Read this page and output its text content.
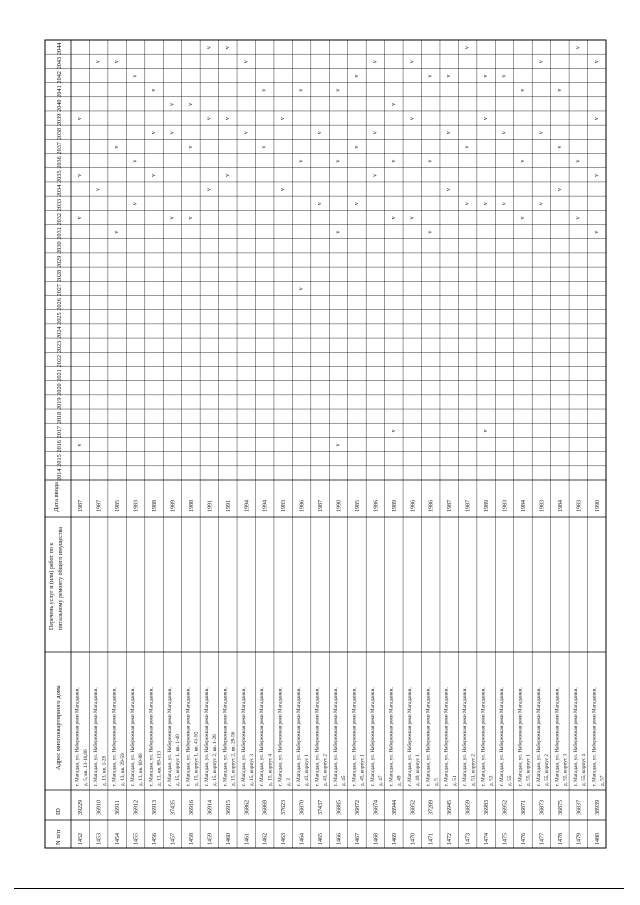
N п/п
ID
Адрес многоквартирного дома
Перечень услуг и (или) работ по к питальному ремонту общего имущества
Дата ввода
2014
2015
2016
2017
2018
2019
2020
2021
2022
2023
2024
2025
2026
2027
2028
2029
2030
2031
2032
2033
2034
2035
2036
2037
2038
2039
2040
2041
2042
2043
2044
1452
39229
г. Магадан, ул. Набережная реки Магаданки, д. 5, кв. 13-18,86
1987
v
v
v
v
1453
36910
г. Магадан, ул. Набережная реки Магаданки, д. 13, кв. 1-28
1987
v
v
1454
36911
г. Магадан, ул. Набережная реки Магаданки, д. 13, кв. 29-59
1985
v
v
v
1455
36912
г. Магадан, ул. Набережная реки Магаданки, д. 13, кв. 60-88
1983
v
v
v
1456
36913
г. Магадан, ул. Набережная реки Магаданки, д. 13, кв. 89-113
1988
v
v
v
1457
37435
г. Магадан, ул. Набережная реки Магаданки, д. 15, корпус 1, кв. 1-40
1989
v
v
v
1458
36916
г. Магадан, ул. Набережная реки Магаданки, д. 15, корпус 1, кв. 41-92
1988
v
v
v
1459
36914
г. Магадан, ул. Набережная реки Магаданки, д. 15, корпус 2, кв. 1-28
1991
v
v
v
1460
36915
г. Магадан, ул. Набережная реки Магаданки, д. 15, корпус 2, кв. 29-56
1991
v
v
v
1461
36862
г. Магадан, ул. Набережная реки Магаданки, д. 15, корпус 3
1994
v
v
1462
36869
г. Магадан, ул. Набережная реки Магаданки, д. 15, корпус 4
1994
v
v
1463
37623
г. Магадан, ул. Набережная реки Магаданки, д. 3
1983
v
v
1464
36870
г. Магадан, ул. Набережная реки Магаданки, д. 43, корпус 1
1986
v
v
v
1465
37437
г. Магадан, ул. Набережная реки Магаданки, д. 43, корпус 2
1987
v
v
1466
36885
г. Магадан, ул. Набережная реки Магаданки, д. 45
1990
v
v
v
v
1467
36872
г. Магадан, ул. Набережная реки Магаданки, д. 45, корпус 1
1985
v
v
v
1468
36874
г. Магадан, ул. Набережная реки Магаданки, д. 47
1986
v
v
v
1469
38944
г. Магадан, ул. Набережная реки Магаданки, д. 49
1989
v
v
v
v
1470
36852
г. Магадан, ул. Набережная реки Магаданки, д. 49, корпус 1
1986
v
v
v
1471
37289
г. Магадан, ул. Набережная реки Магаданки, д. 5
1986
v
v
v
1472
36945
г. Магадан, ул. Набережная реки Магаданки, д. 51
1987
v
v
v
1473
36859
г. Магадан, ул. Набережная реки Магаданки, д. 51, корпус 2
1987
v
v
v
1474
36983
г. Магадан, ул. Набережная реки Магаданки, д. 53
1989
v
v
v
v
1475
36952
г. Магадан, ул. Набережная реки Магаданки, д. 55
1983
v
v
v
1476
36871
г. Магадан, ул. Набережная реки Магаданки, д. 55, корпус 1
1984
v
v
v
1477
36873
г. Магадан, ул. Набережная реки Магаданки, д. 55, корпус 2
1983
v
v
v
1478
36875
г. Магадан, ул. Набережная реки Магаданки, д. 55, корпус 3
1984
v
v
v
1479
36837
г. Магадан, ул. Набережная реки Магаданки, д. 55, корпус 4
1983
v
v
v
1480
38939
г. Магадан, ул. Набережная реки Магаданки, д. 57
1990
v
v
v
v
